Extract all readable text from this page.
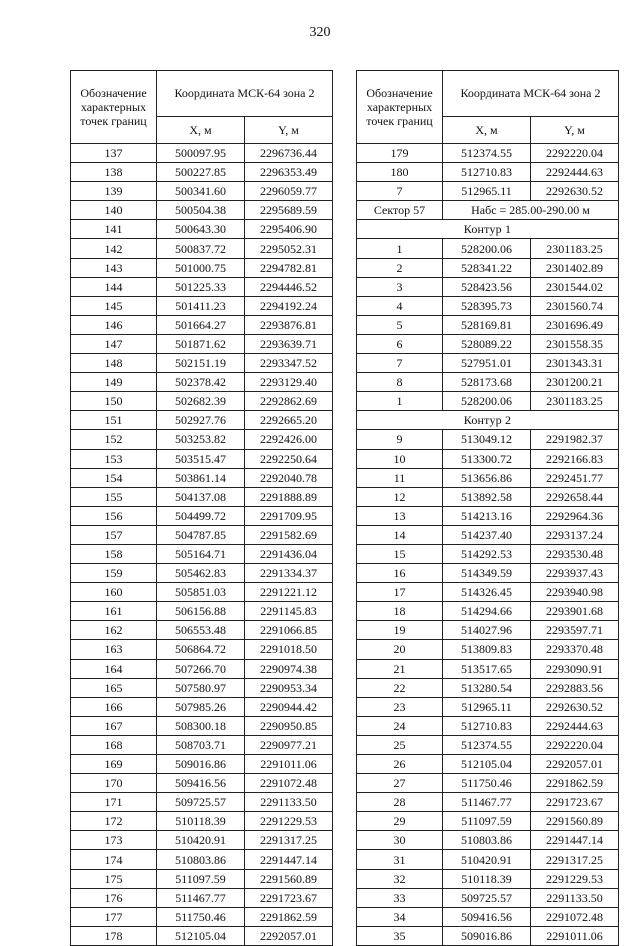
320
Обозначение характерных точек границ	Координата МСК-64 зона 2	
	X, м	Y, м
137	500097.95	2296736.44
138	500227.85	2296353.49
139	500341.60	2296059.77
140	500504.38	2295689.59
141	500643.30	2295406.90
142	500837.72	2295052.31
143	501000.75	2294782.81
144	501225.33	2294446.52
145	501411.23	2294192.24
146	501664.27	2293876.81
147	501871.62	2293639.71
148	502151.19	2293347.52
149	502378.42	2293129.40
150	502682.39	2292862.69
151	502927.76	2292665.20
152	503253.82	2292426.00
153	503515.47	2292250.64
154	503861.14	2292040.78
155	504137.08	2291888.89
156	504499.72	2291709.95
157	504787.85	2291582.69
158	505164.71	2291436.04
159	505462.83	2291334.37
160	505851.03	2291221.12
161	506156.88	2291145.83
162	506553.48	2291066.85
163	506864.72	2291018.50
164	507266.70	2290974.38
165	507580.97	2290953.34
166	507985.26	2290944.42
167	508300.18	2290950.85
168	508703.71	2290977.21
169	509016.86	2291011.06
170	509416.56	2291072.48
171	509725.57	2291133.50
172	510118.39	2291229.53
173	510420.91	2291317.25
174	510803.86	2291447.14
175	511097.59	2291560.89
176	511467.77	2291723.67
177	511750.46	2291862.59
178	512105.04	2292057.01
Обозначение характерных точек границ	Координата МСК-64 зона 2	
	X, м	Y, м
179	512374.55	2292220.04
180	512710.83	2292444.63
7	512965.11	2292630.52
Сектор 57	Набс = 285.00-290.00 м	
Контур 1		
1	528200.06	2301183.25
2	528341.22	2301402.89
3	528423.56	2301544.02
4	528395.73	2301560.74
5	528169.81	2301696.49
6	528089.22	2301558.35
7	527951.01	2301343.31
8	528173.68	2301200.21
1	528200.06	2301183.25
Контур 2		
9	513049.12	2291982.37
10	513300.72	2292166.83
11	513656.86	2292451.77
12	513892.58	2292658.44
13	514213.16	2292964.36
14	514237.40	2293137.24
15	514292.53	2293530.48
16	514349.59	2293937.43
17	514326.45	2293940.98
18	514294.66	2293901.68
19	514027.96	2293597.71
20	513809.83	2293370.48
21	513517.65	2293090.91
22	513280.54	2292883.56
23	512965.11	2292630.52
24	512710.83	2292444.63
25	512374.55	2292220.04
26	512105.04	2292057.01
27	511750.46	2291862.59
28	511467.77	2291723.67
29	511097.59	2291560.89
30	510803.86	2291447.14
31	510420.91	2291317.25
32	510118.39	2291229.53
33	509725.57	2291133.50
34	509416.56	2291072.48
35	509016.86	2291011.06
